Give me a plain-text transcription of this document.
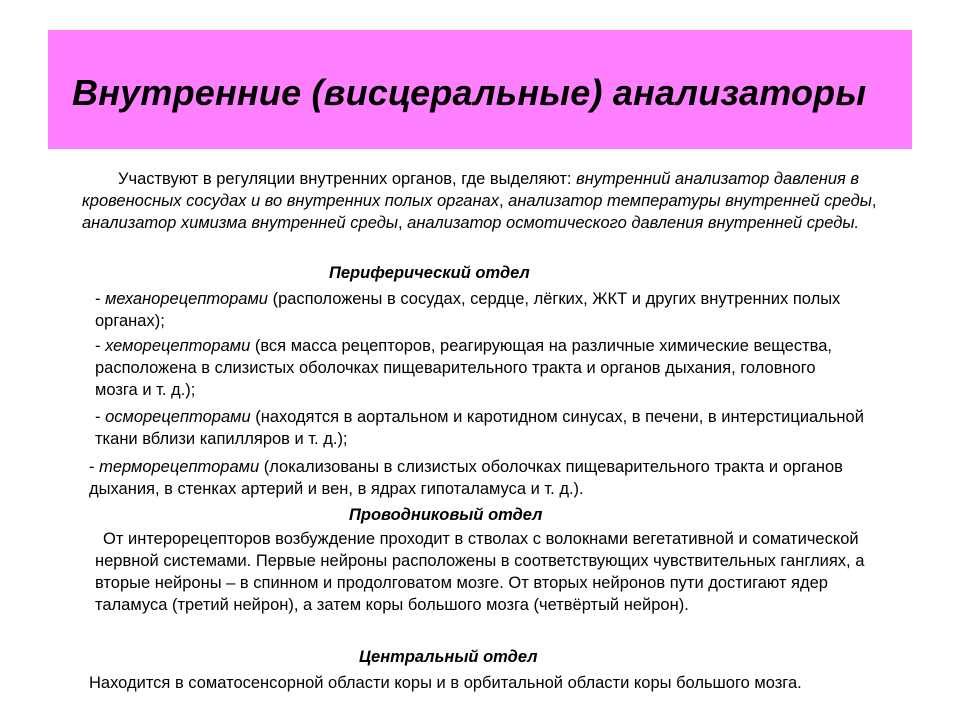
Внутренние (висцеральные) анализаторы

Участвуют в регуляции внутренних органов, где выделяют: внутренний анализатор давления в кровеносных сосудах и во внутренних полых органах, анализатор температуры внутренней среды, анализатор химизма внутренней среды, анализатор осмотического давления внутренней среды.

Периферический отдел

- механорецепторами (расположены в сосудах, сердце, лёгких, ЖКТ и других внутренних полых органах);

- хеморецепторами (вся масса рецепторов, реагирующая на различные химические вещества, расположена в слизистых оболочках пищеварительного тракта и органов дыхания, головного мозга и т. д.);

- осморецепторами (находятся в аортальном и каротидном синусах, в печени, в интерстициальной ткани вблизи капилляров и т. д.);

- терморецепторами (локализованы в слизистых оболочках пищеварительного тракта и органов дыхания, в стенках артерий и вен, в ядрах гипоталамуса и т. д.).

Проводниковый отдел

От интерорецепторов возбуждение проходит в стволах с волокнами вегетативной и соматической нервной системами. Первые нейроны расположены в соответствующих чувствительных ганглиях, а вторые нейроны – в спинном и продолговатом мозге. От вторых нейронов пути достигают ядер таламуса (третий нейрон), а затем коры большого мозга (четвёртый нейрон).

Центральный отдел

Находится в соматосенсорной области коры и в орбитальной области коры большого мозга.
